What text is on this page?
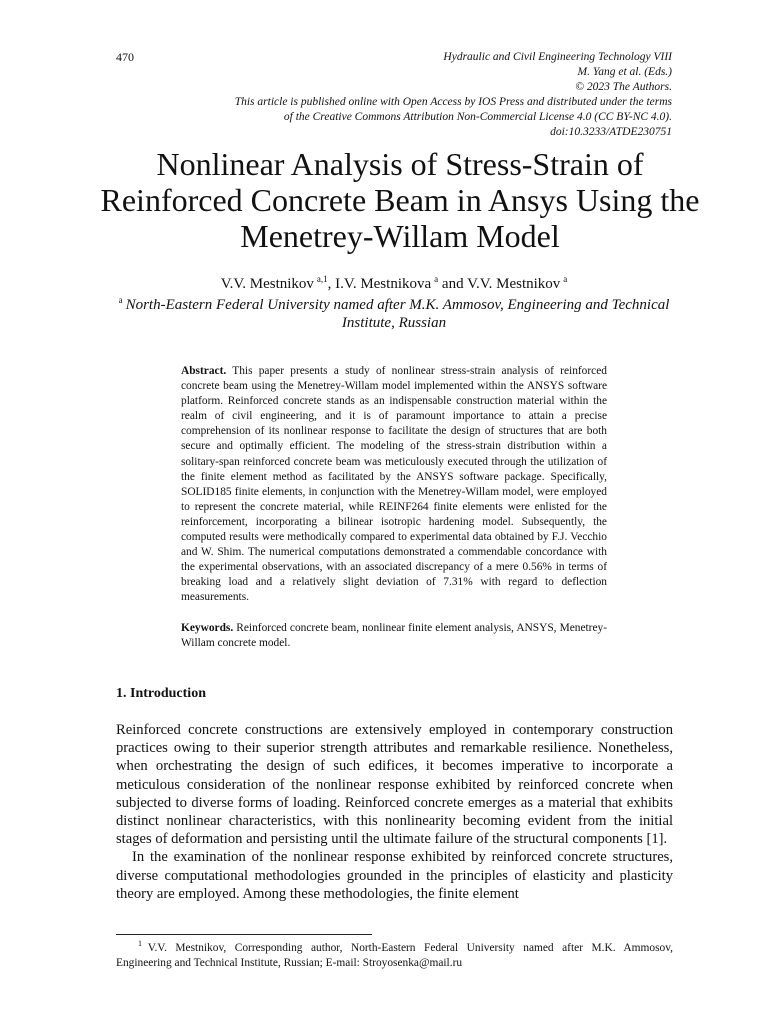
470	Hydraulic and Civil Engineering Technology VIII
M. Yang et al. (Eds.)
© 2023 The Authors.
This article is published online with Open Access by IOS Press and distributed under the terms
of the Creative Commons Attribution Non-Commercial License 4.0 (CC BY-NC 4.0).
doi:10.3233/ATDE230751
Nonlinear Analysis of Stress-Strain of Reinforced Concrete Beam in Ansys Using the Menetrey-Willam Model
V.V. Mestnikov  $^{a,1}$, I.V. Mestnikova  $^a$ and V.V. Mestnikov  $^a$
$^a$  North-Eastern Federal University named after M.K. Ammosov, Engineering and Technical Institute, Russian
Abstract. This paper presents a study of nonlinear stress-strain analysis of reinforced concrete beam using the Menetrey-Willam model implemented within the ANSYS software platform. Reinforced concrete stands as an indispensable construction material within the realm of civil engineering, and it is of paramount importance to attain a precise comprehension of its nonlinear response to facilitate the design of structures that are both secure and optimally efficient. The modeling of the stress-strain distribution within a solitary-span reinforced concrete beam was meticulously executed through the utilization of the finite element method as facilitated by the ANSYS software package. Specifically, SOLID185 finite elements, in conjunction with the Menetrey-Willam model, were employed to represent the concrete material, while REINF264 finite elements were enlisted for the reinforcement, incorporating a bilinear isotropic hardening model. Subsequently, the computed results were methodically compared to experimental data obtained by F.J. Vecchio and W. Shim. The numerical computations demonstrated a commendable concordance with the experimental observations, with an associated discrepancy of a mere 0.56% in terms of breaking load and a relatively slight deviation of 7.31% with regard to deflection measurements.
Keywords. Reinforced concrete beam, nonlinear finite element analysis, ANSYS, Menetrey-Willam concrete model.
1. Introduction

Reinforced concrete constructions are extensively employed in contemporary construction practices owing to their superior strength attributes and remarkable resilience. Nonetheless, when orchestrating the design of such edifices, it becomes imperative to incorporate a meticulous consideration of the nonlinear response exhibited by reinforced concrete when subjected to diverse forms of loading. Reinforced concrete emerges as a material that exhibits distinct nonlinear characteristics, with this nonlinearity becoming evident from the initial stages of deformation and persisting until the ultimate failure of the structural components [1].

In the examination of the nonlinear response exhibited by reinforced concrete structures, diverse computational methodologies grounded in the principles of elasticity and plasticity theory are employed. Among these methodologies, the finite element

$^1$  V.V. Mestnikov, Corresponding author, North-Eastern Federal University named after M.K. Ammosov, Engineering and Technical Institute, Russian; E-mail: Stroyosenka@mail.ru
